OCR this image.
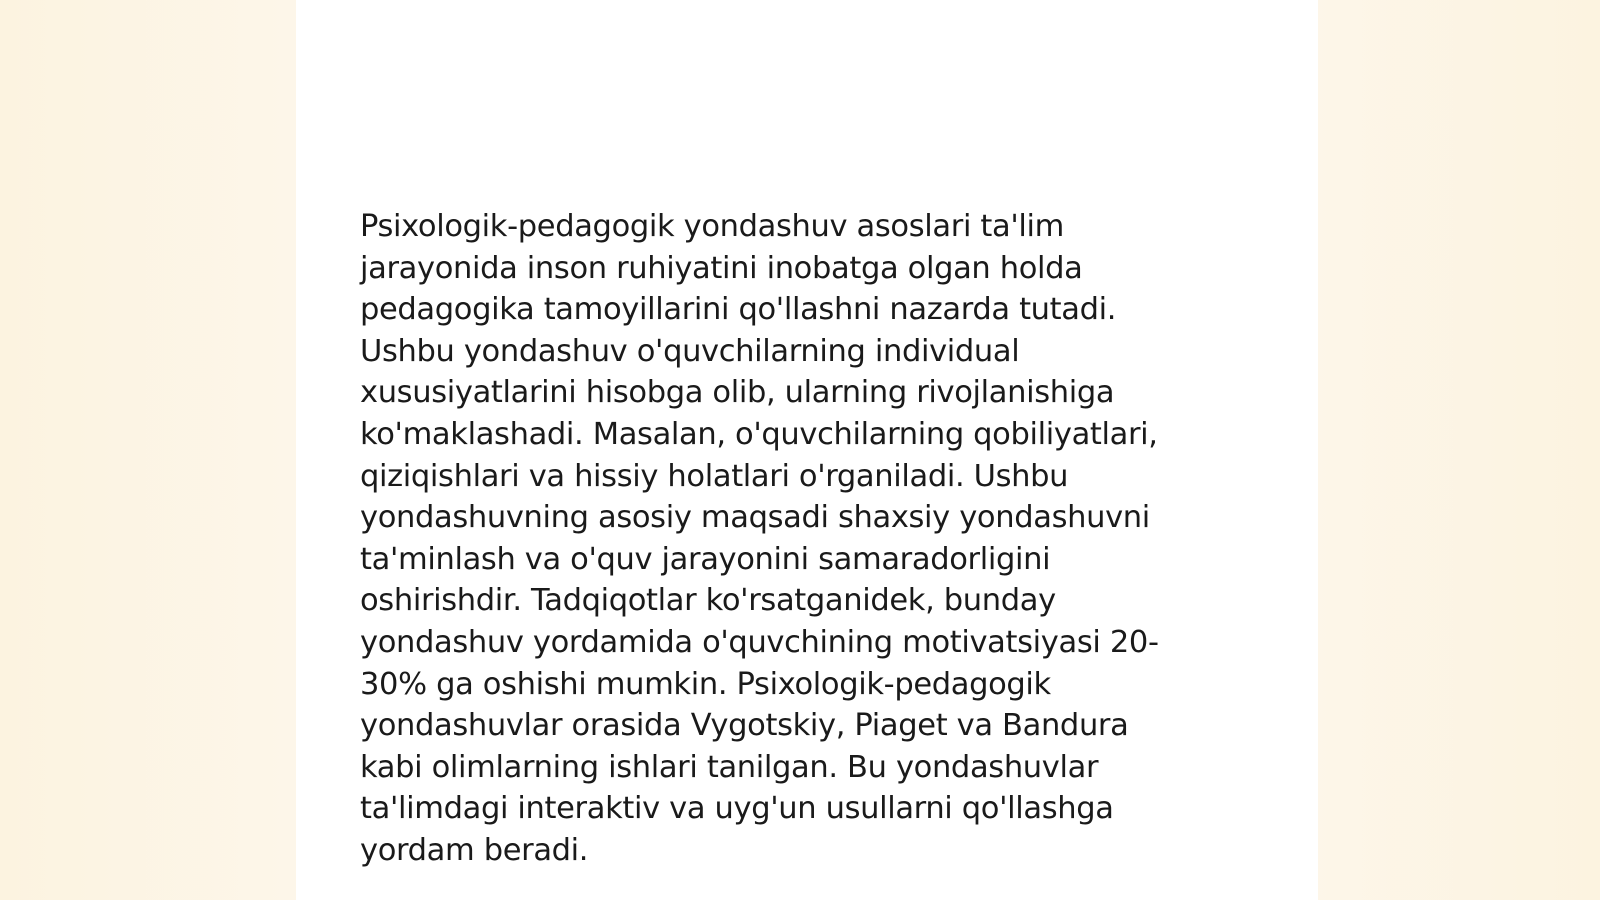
Psixologik-pedagogik yondashuv asoslari ta'lim
jarayonida inson ruhiyatini inobatga olgan holda
pedagogika tamoyillarini qo'llashni nazarda tutadi.
Ushbu yondashuv o'quvchilarning individual
xususiyatlarini hisobga olib, ularning rivojlanishiga
ko'maklashadi. Masalan, o'quvchilarning qobiliyatlari,
qiziqishlari va hissiy holatlari o'rganiladi. Ushbu
yondashuvning asosiy maqsadi shaxsiy yondashuvni
ta'minlash va o'quv jarayonini samaradorligini
oshirishdir. Tadqiqotlar ko'rsatganidek, bunday
yondashuv yordamida o'quvchining motivatsiyasi 20-
30% ga oshishi mumkin. Psixologik-pedagogik
yondashuvlar orasida Vygotskiy, Piaget va Bandura
kabi olimlarning ishlari tanilgan. Bu yondashuvlar
ta'limdagi interaktiv va uyg'un usullarni qo'llashga
yordam beradi.
